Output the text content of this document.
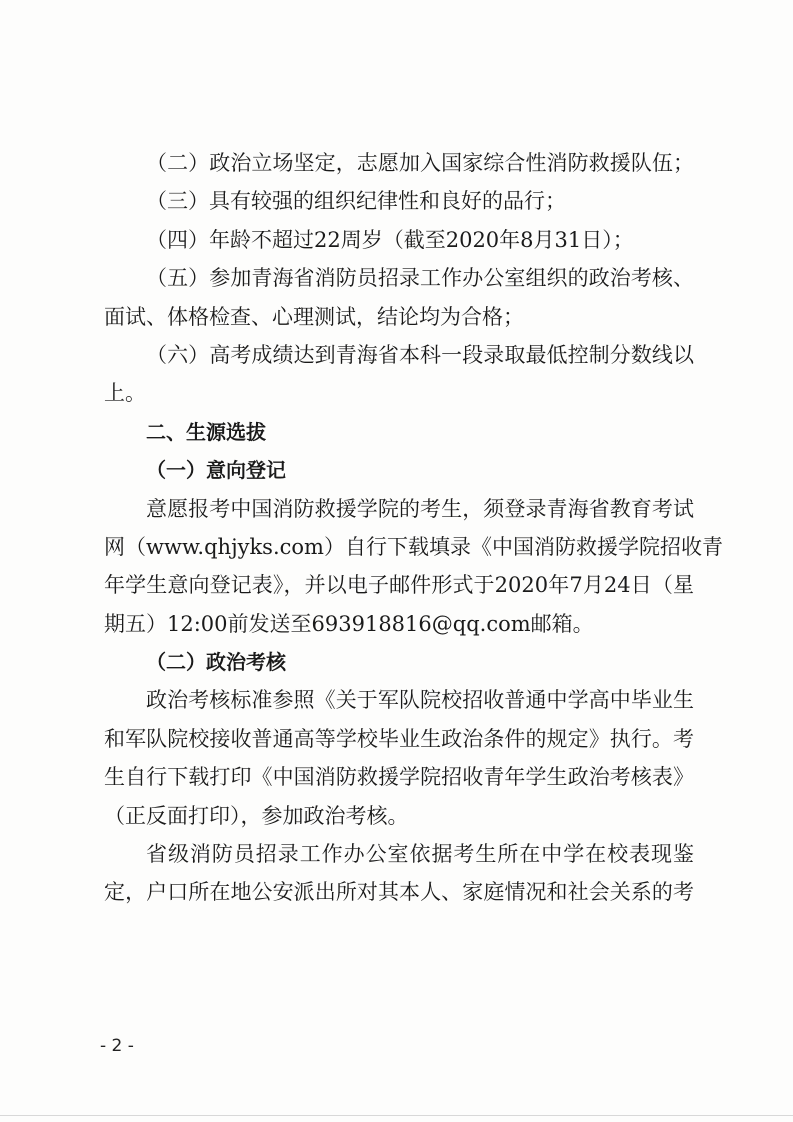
（二）政治立场坚定，志愿加入国家综合性消防救援队伍；
（三）具有较强的组织纪律性和良好的品行；
（四）年龄不超过22周岁（截至2020年8月31日）；
（五）参加青海省消防员招录工作办公室组织的政治考核、
面试、体格检查、心理测试，结论均为合格；
（六）高考成绩达到青海省本科一段录取最低控制分数线以
上。
二、生源选拔
（一）意向登记
意愿报考中国消防救援学院的考生，须登录青海省教育考试
网（www.qhjyks.com）自行下载填录《中国消防救援学院招收青
年学生意向登记表》，并以电子邮件形式于2020年7月24日（星
期五）12:00前发送至693918816@qq.com邮箱。
（二）政治考核
政治考核标准参照《关于军队院校招收普通中学高中毕业生
和军队院校接收普通高等学校毕业生政治条件的规定》执行。考
生自行下载打印《中国消防救援学院招收青年学生政治考核表》
（正反面打印），参加政治考核。
省级消防员招录工作办公室依据考生所在中学在校表现鉴
定，户口所在地公安派出所对其本人、家庭情况和社会关系的考
- 2 -
